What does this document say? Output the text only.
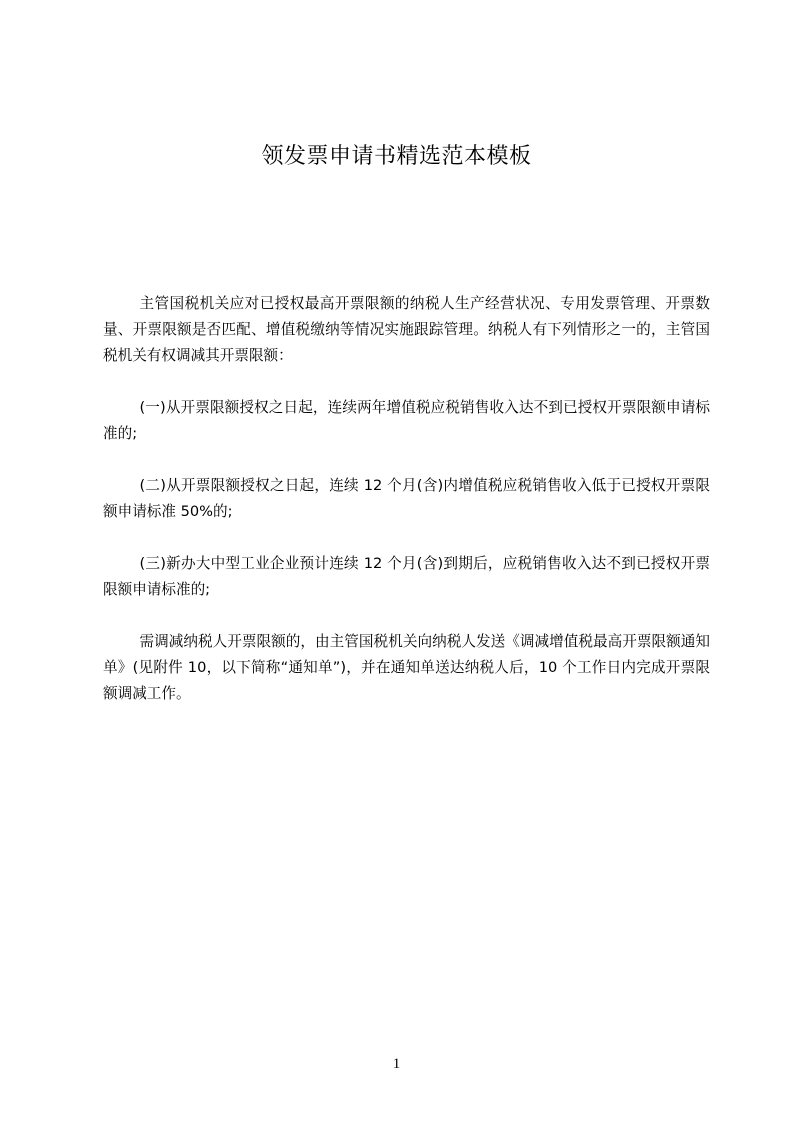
领发票申请书精选范本模板

主管国税机关应对已授权最高开票限额的纳税人生产经营状况、专用发票管理、开票数量、开票限额是否匹配、增值税缴纳等情况实施跟踪管理。纳税人有下列情形之一的，主管国税机关有权调减其开票限额：

(一)从开票限额授权之日起，连续两年增值税应税销售收入达不到已授权开票限额申请标准的;

(二)从开票限额授权之日起，连续 12 个月(含)内增值税应税销售收入低于已授权开票限额申请标准 50%的;

(三)新办大中型工业企业预计连续 12 个月(含)到期后，应税销售收入达不到已授权开票限额申请标准的;

需调减纳税人开票限额的，由主管国税机关向纳税人发送《调减增值税最高开票限额通知单》(见附件 10，以下简称“通知单”)，并在通知单送达纳税人后，10 个工作日内完成开票限额调减工作。

1
